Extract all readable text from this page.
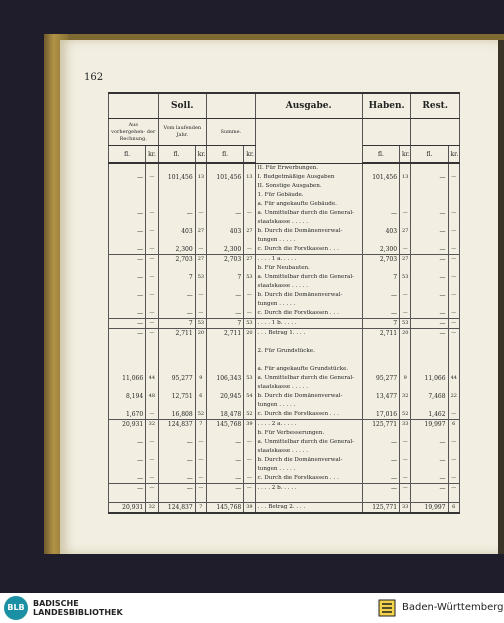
162
		Soll.				Ausgabe.	Haben.		Rest.	
Aus vorhergehen- der Rechnung.		Vom laufenden Jahr.		Summe.						
fl.	kr.	fl.	kr.	fl.	kr.		fl.	kr.	fl.	kr.
						II. Für Erwerbungen.				
—	—	101,456	13	101,456	13	I. Budgetmäßige Ausgaben	101,456	13	—	—
						II. Sonstige Ausgaben.				
						1. Für Gebäude.				
						a. Für angekaufte Gebäude.				
—	—	—	—	—	—	a. Unmittelbar durch die General-	—	—	—	—
						staatskasse . . . . .				
—	—	403	27	403	27	b. Durch die Domänenverwal-	403	27	—	—
						tungen . . . . .				
—	—	2,300	—	2,300	—	c. Durch die Forstkassen . . .	2,300	—	—	—
—	—	2,703	27	2,703	27	. . . . 1 a. . . . .	2,703	27	—	—
						b. Für Neubauten.				
—	—	7	53	7	53	a. Unmittelbar durch die General-	7	53	—	—
						staatskasse . . . . .				
—	—	—	—	—	—	b. Durch die Domänenverwal-	—	—	—	—
						tungen . . . . .				
—	—	—	—	—	—	c. Durch die Forstkassen . . .	—	—	—	—
—	—	7	53	7	53	. . . . 1 b. . . . .	7	53	—	—
—	—	2,711	20	2,711	20	. . . Betrag 1. . . .	2,711	20	—	—

						2. Für Grundstücke.				

						a. Für angekaufte Grundstücke.				
11,066	44	95,277	9	106,343	53	a. Unmittelbar durch die General-	95,277	9	11,066	44
						staatskasse . . . . .				
8,194	48	12,751	6	20,945	54	b. Durch die Domänenverwal-	13,477	32	7,468	22
						tungen . . . . .				
1,670	—	16,808	52	18,478	52	c. Durch die Forstkassen . . .	17,016	52	1,462	—
20,931	32	124,837	7	145,768	39	. . . . 2 a. . . . .	125,771	33	19,997	6
						b. Für Verbesserungen.				
—	—	—	—	—	—	a. Unmittelbar durch die General-	—	—	—	—
						staatskasse . . . . .				
—	—	—	—	—	—	b. Durch die Domänenverwal-	—	—	—	—
						tungen . . . . .				
—	—	—	—	—	—	c. Durch die Forstkassen . . .	—	—	—	—
—	—	—	—	—	—	. . . . 2 b. . . . .	—	—	—	—

20,931	32	124,837	7	145,768	39	. . . Betrag 2. . . .	125,771	33	19,997	6
BLB	BADISCHE
LANDESBIBLIOTHEK	Baden-Württemberg
